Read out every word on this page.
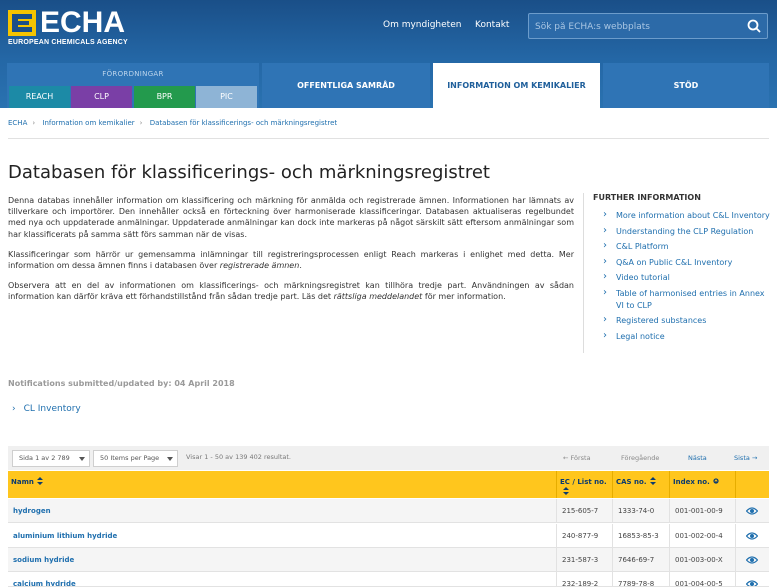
ECHA
EUROPEAN CHEMICALS AGENCY
Om myndigheten Kontakt
Sök på ECHA:s webbplats
FÖRORDNINGAR
REACH	CLP	BPR	PIC
OFFENTLIGA SAMRÅD	INFORMATION OM KEMIKALIER	STÖD
ECHA › Information om kemikalier › Databasen för klassificerings- och märkningsregistret
Databasen för klassificerings- och märkningsregistret

Denna databas innehåller information om klassificering och märkning för anmälda och registrerade ämnen. Informationen har lämnats av tillverkare och importörer. Den innehåller också en förteckning över harmoniserade klassificeringar. Databasen aktualiseras regelbundet med nya och uppdaterade anmälningar. Uppdaterade anmälningar kan dock inte markeras på något särskilt sätt eftersom anmälningar som har klassificerats på samma sätt förs samman när de visas.

Klassificeringar som härrör ur gemensamma inlämningar till registreringsprocessen enligt Reach markeras i enlighet med detta. Mer information om dessa ämnen finns i databasen över registrerade ämnen.

Observera att en del av informationen om klassificerings- och märkningsregistret kan tillhöra tredje part. Användningen av sådan information kan därför kräva ett förhandstillstånd från sådan tredje part. Läs det rättsliga meddelandet för mer information.

FURTHER INFORMATION
› More information about C&L Inventory
› Understanding the CLP Regulation
› C&L Platform
› Q&A on Public C&L Inventory
› Video tutorial
› Table of harmonised entries in Annex VI to CLP
› Registered substances
› Legal notice
Notifications submitted/updated by: 04 April 2018
› CL Inventory
Sida 1 av 2 789	50 Items per Page	Visar 1 - 50 av 139 402 resultat.	← Första	Föregående	Nästa	Sista →
Namn	EC / List no.	CAS no.	Index no.
hydrogen	215-605-7	1333-74-0	001-001-00-9
aluminium lithium hydride	240-877-9	16853-85-3	001-002-00-4
sodium hydride	231-587-3	7646-69-7	001-003-00-X
calcium hydride	232-189-2	7789-78-8	001-004-00-5
